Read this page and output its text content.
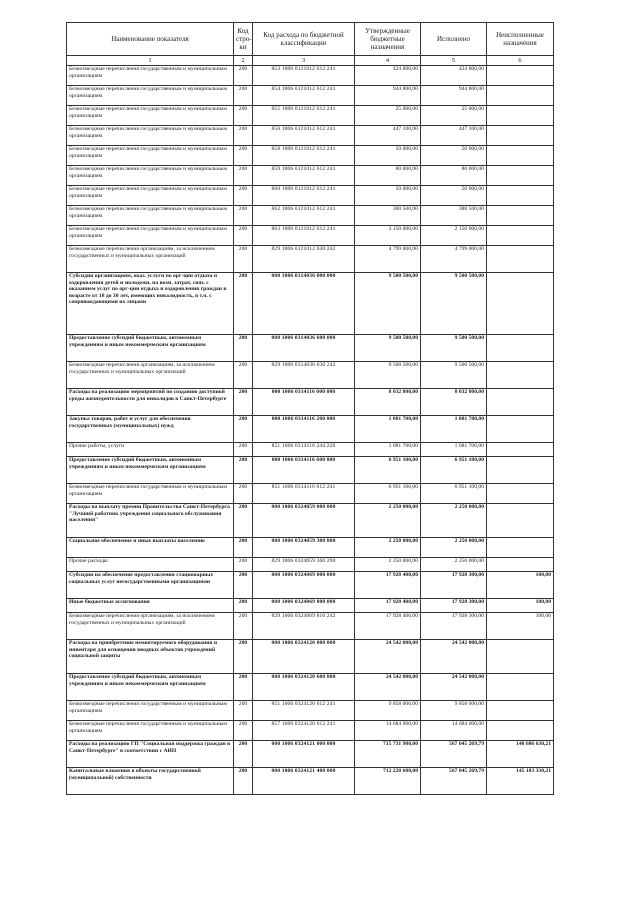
Наименование показателя	Код стро-ки	Код расхода по бюджетной классификации	Утвержденные бюджетные назначения	Исполнено	Неисполненные назначения
1	2	3	4	5	6
Безвозмездные перечисления государственным и муниципальным организациям	200	853 1006 0121012 612 241	424 800,00	424 800,00	
Безвозмездные перечисления государственным и муниципальным организациям	200	854 1006 0121012 612 241	944 800,00	944 800,00	
Безвозмездные перечисления государственным и муниципальным организациям	200	855 1006 0121012 612 241	25 000,00	25 000,00	
Безвозмездные перечисления государственным и муниципальным организациям	200	856 1006 0121012 612 241	447 100,00	447 100,00	
Безвозмездные перечисления государственным и муниципальным организациям	200	858 1006 0121012 612 241	50 000,00	50 000,00	
Безвозмездные перечисления государственным и муниципальным организациям	200	859 1006 0121012 612 241	80 000,00	80 000,00	
Безвозмездные перечисления государственным и муниципальным организациям	200	860 1006 0121012 612 241	50 000,00	50 000,00	
Безвозмездные перечисления государственным и муниципальным организациям	200	862 1006 0121012 612 241	380 500,00	380 500,00	
Безвозмездные перечисления государственным и муниципальным организациям	200	863 1006 0121012 612 241	2 150 000,00	2 150 000,00	
Безвозмездные перечисления организациям, за исключением государственных и муниципальных организаций	200	829 1006 0121012 630 242	4 799 000,00	4 799 000,00	
Субсидии организациям, оказ. услуги по орг-ции отдыха и оздоровления детей и молодежи, на возм. затрат, связ. с оказанием услуг по орг-ции отдыха и оздоровления граждан в возрасте от 18 до 30 лет, имеющих инвалидность, в т.ч. с сопровождающими их лицами	200	000 1006 0314036 000 000	9 500 500,00	9 500 500,00	
Предоставление субсидий бюджетным, автономным учреждениям и иным некоммерческим организациям	200	000 1006 0314036 600 000	9 500 500,00	9 500 500,00	
Безвозмездные перечисления организациям, за исключением государственных и муниципальных организаций	200	829 1006 0314036 630 242	9 500 500,00	9 500 500,00	
Расходы на реализацию мероприятий по созданию доступной среды жизнедеятельности для инвалидов в Санкт-Петербурге	200	000 1006 0314116 000 000	8 032 800,00	8 032 800,00	
Закупка товаров, работ и услуг для обеспечения государственных (муниципальных) нужд	200	000 1006 0314116 200 000	1 081 700,00	1 081 700,00	
Прочие работы, услуги	200	851 1006 0314116 244 226	1 081 700,00	1 081 700,00	
Предоставление субсидий бюджетным, автономным учреждениям и иным некоммерческим организациям	200	000 1006 0314116 600 000	6 951 100,00	6 951 100,00	
Безвозмездные перечисления государственным и муниципальным организациям	200	851 1006 0314116 612 241	6 951 100,00	6 951 100,00	
Расходы на выплату премии Правительства Санкт-Петербурга "Лучший работник учреждения социального обслуживания населения"	200	000 1006 0324059 000 000	2 250 000,00	2 250 000,00	
Социальное обеспечение и иные выплаты населению	200	000 1006 0324059 300 000	2 250 000,00	2 250 000,00	
Прочие расходы	200	829 1006 0324059 360 290	2 250 000,00	2 250 000,00	
Субсидии на обеспечение предоставления стационарных социальных услуг негосударственными организациями	200	000 1006 0324069 000 000	17 928 400,00	17 928 300,00	100,00
Иные бюджетные ассигнования	200	000 1006 0324069 800 000	17 928 400,00	17 928 300,00	100,00
Безвозмездные перечисления организациям, за исключением государственных и муниципальных организаций	200	829 1006 0324069 810 242	17 928 400,00	17 928 300,00	100,00
Расходы на приобретение немонтируемого оборудования и инвентаря для оснащения вводных объектов учреждений социальной защиты	200	000 1006 0324120 000 000	24 542 000,00	24 542 000,00	
Предоставление субсидий бюджетным, автономным учреждениям и иным некоммерческим организациям	200	000 1006 0324120 600 000	24 542 000,00	24 542 000,00	
Безвозмездные перечисления государственным и муниципальным организациям	200	851 1006 0324120 612 241	9 858 000,00	9 858 000,00	
Безвозмездные перечисления государственным и муниципальным организациям	200	857 1006 0324120 612 241	14 684 000,00	14 684 000,00	
Расходы на реализацию ГП "Социальная поддержка граждан в Санкт-Петербурге" в соответствии с АИП	200	000 1006 0324121 000 000	715 731 900,00	567 045 269,79	148 686 630,21
Капитальные вложения в объекты государственной (муниципальной) собственности	200	000 1006 0324121 400 000	712 228 600,00	567 045 269,79	145 183 330,21
